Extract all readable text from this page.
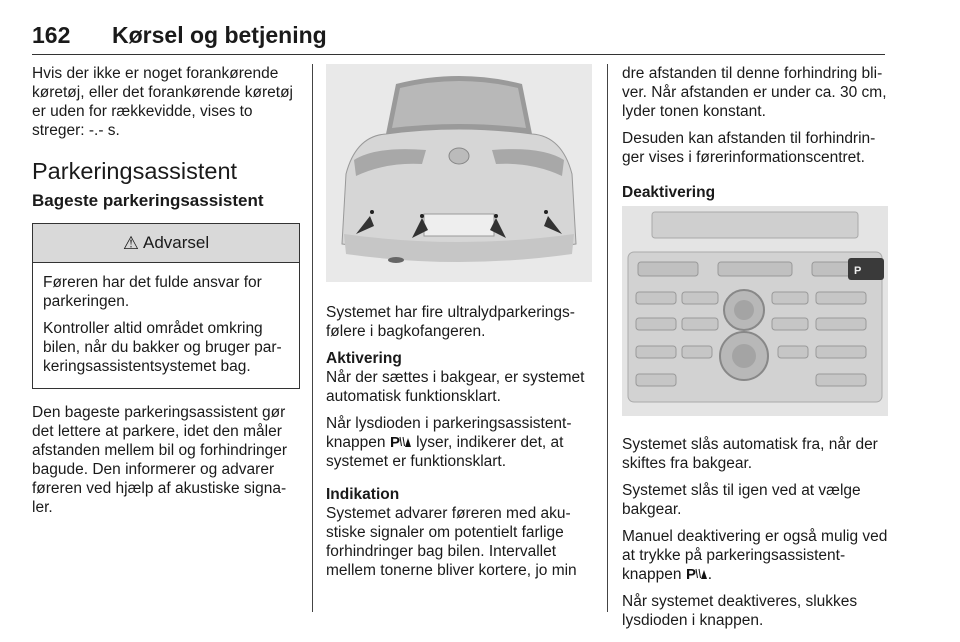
162 Kørsel og betjening

Hvis der ikke er noget forankørende køretøj, eller det forankørende køretøj er uden for rækkevidde, vises to streger: -.- s.

Parkeringsassistent
Bageste parkeringsassistent
⚠ Advarsel

Føreren har det fulde ansvar for parkeringen.

Kontroller altid området omkring bilen, når du bakker og bruger parkeringsassistentsystemet bag.

Den bageste parkeringsassistent gør det lettere at parkere, idet den måler afstanden mellem bil og forhindringer bagude. Den informerer og advarer føreren ved hjælp af akustiske signaler.

Systemet har fire ultralydparkeringsfølere i bagkofangeren.

Aktivering

Når der sættes i bakgear, er systemet automatisk funktionsklart.

Når lysdioden i parkeringsassistentknappen P lyser, indikerer det, at systemet er funktionsklart.

Indikation

Systemet advarer føreren med akustiske signaler om potentielt farlige forhindringer bag bilen. Intervallet mellem tonerne bliver kortere, jo min

dre afstanden til denne forhindring bliver. Når afstanden er under ca. 30 cm, lyder tonen konstant.

Desuden kan afstanden til forhindringer vises i førerinformationscentret.

Deaktivering
P

Systemet slås automatisk fra, når der skiftes fra bakgear.

Systemet slås til igen ved at vælge bakgear.

Manuel deaktivering er også mulig ved at trykke på parkeringsassistentknappen P .

Når systemet deaktiveres, slukkes lysdioden i knappen.
